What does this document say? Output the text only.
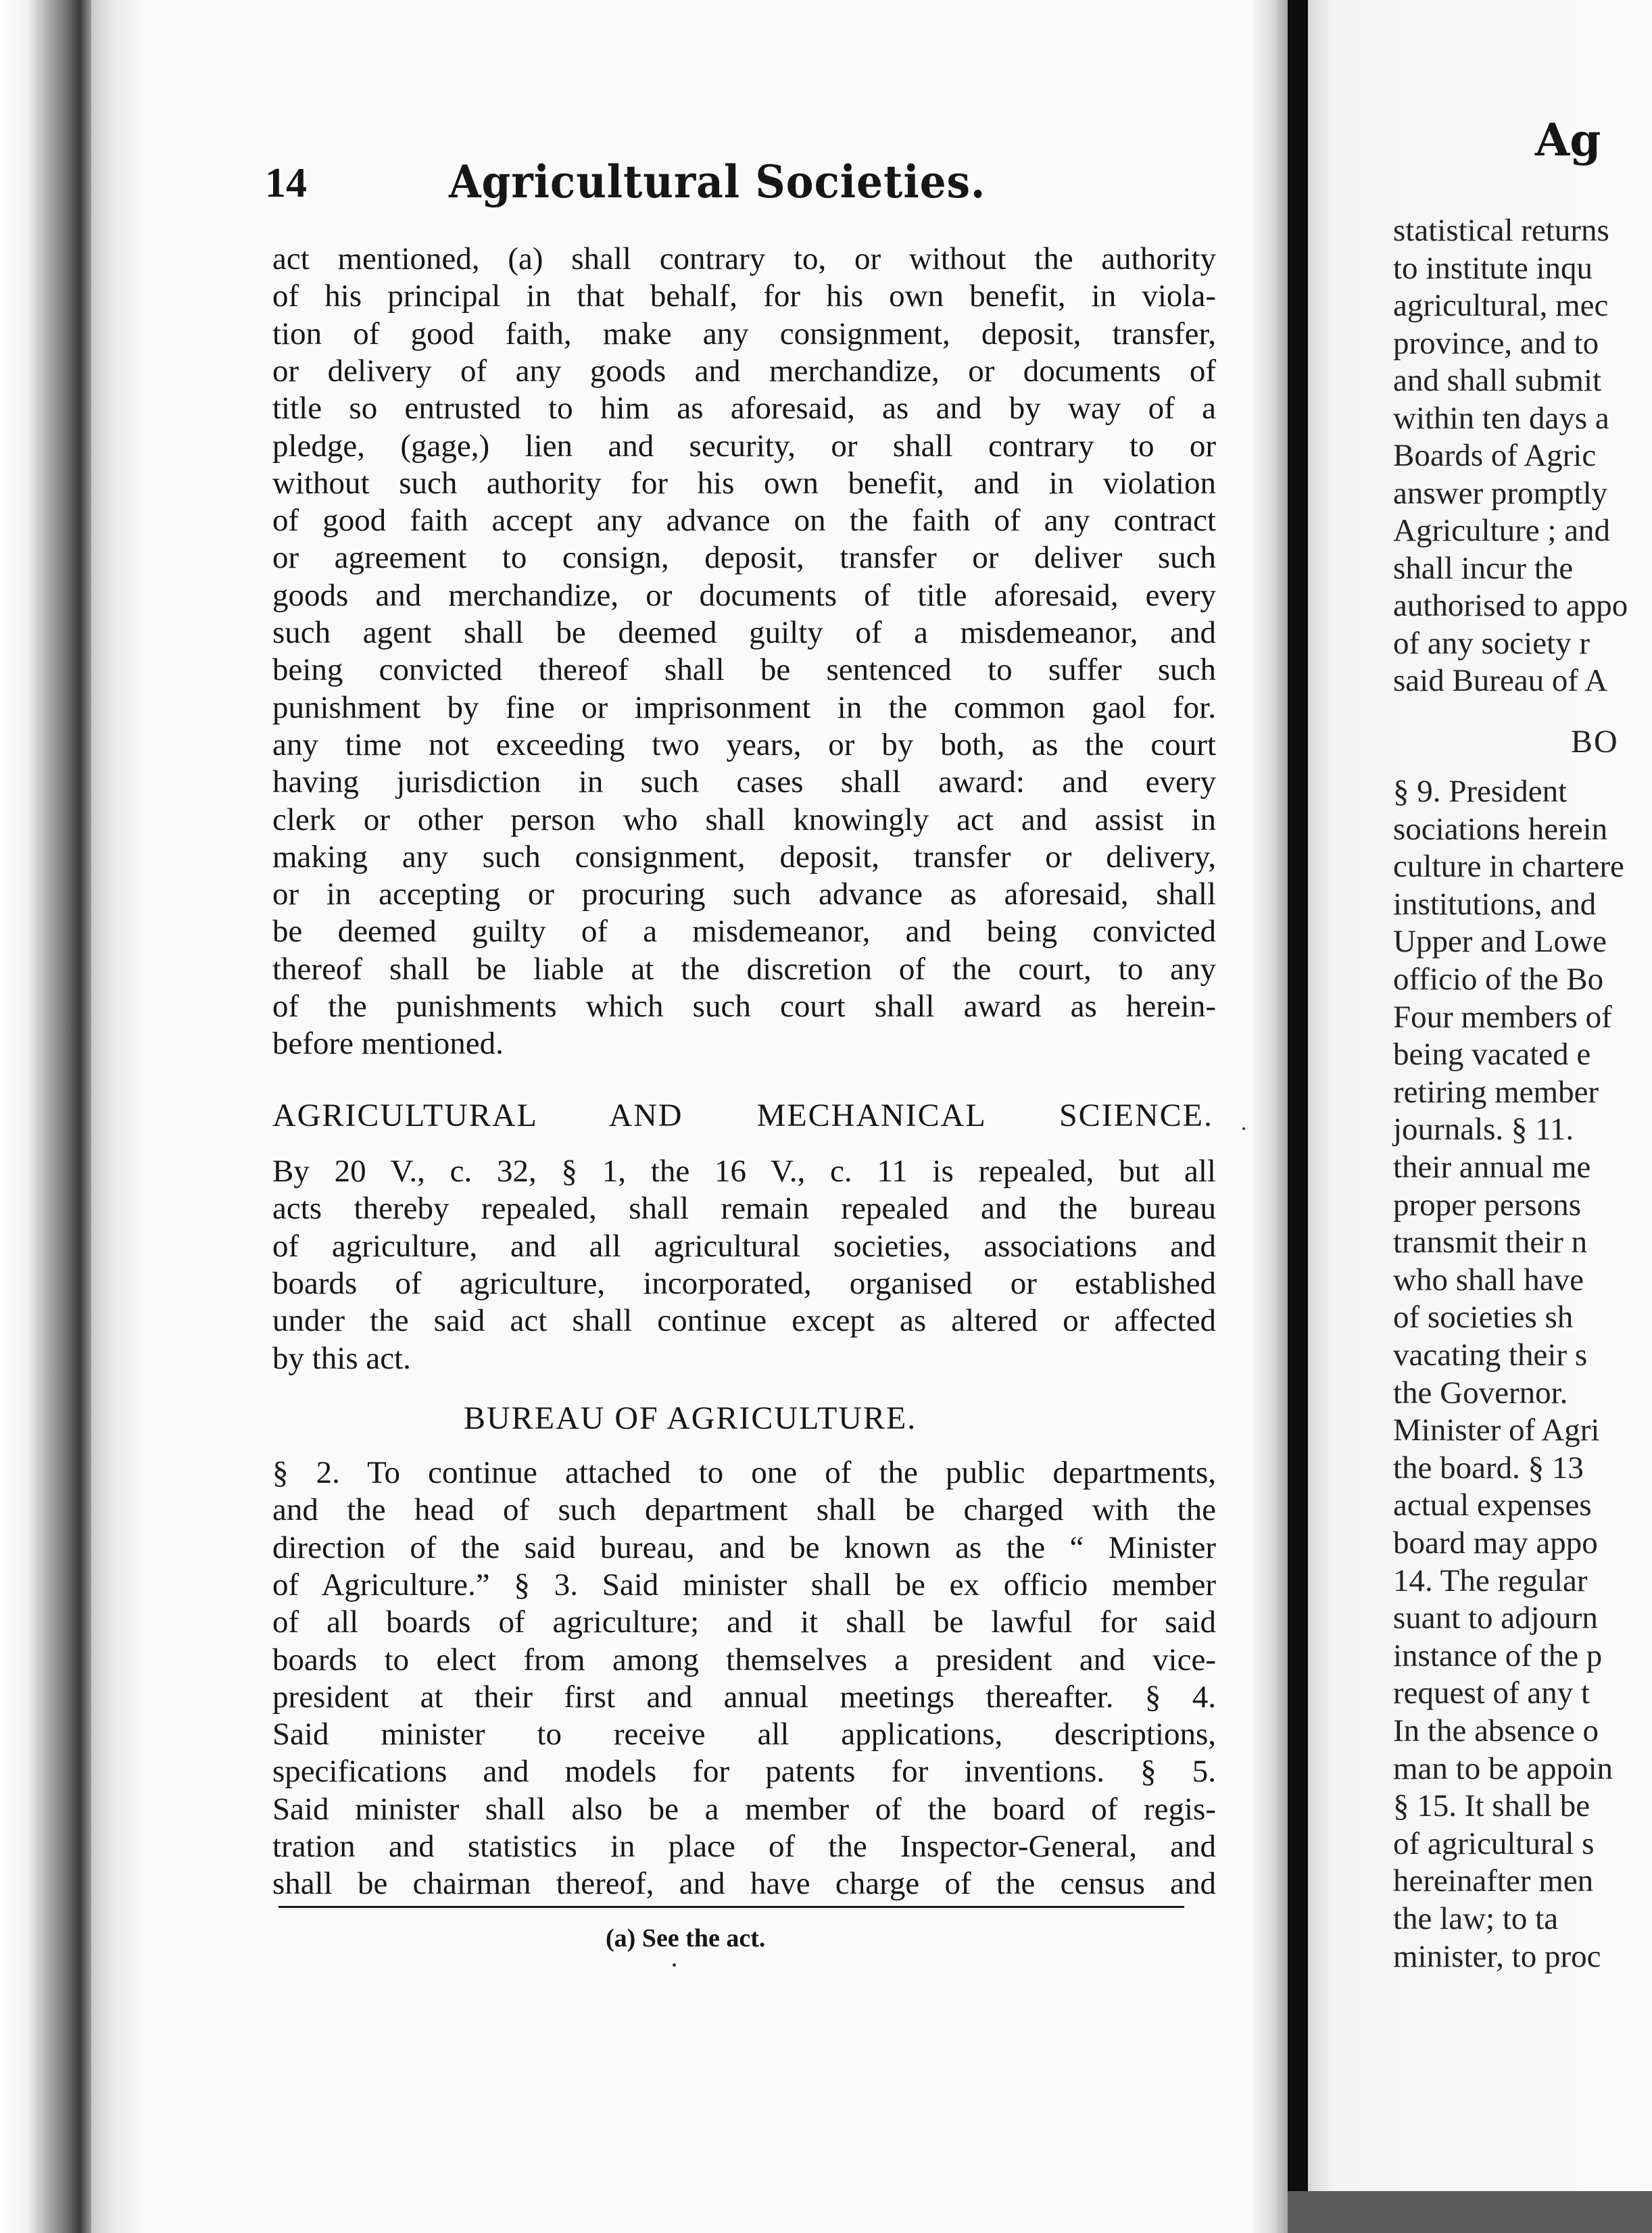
statistical returns
to institute inqu
agricultural, mec
province, and to
and shall submit
within ten days a
Boards of Agric
answer promptly
Agriculture ; and
shall incur the
authorised to appo
of any society r
said Bureau of A
BO
§ 9. President
sociations herein
culture in chartere
institutions, and
Upper and Lowe
officio of the Bo
Four members of
being vacated e
retiring member
journals. § 11.
their annual me
proper persons
transmit their n
who shall have
of societies sh
vacating their s
the Governor.
Minister of Agri
the board. § 13
actual expenses
board may appo
14. The regular
suant to adjourn
instance of the p
request of any t
In the absence o
man to be appoin
§ 15. It shall be
of agricultural s
hereinafter men
the law; to ta
minister, to proc
Ag
14	Agricultural Societies.
act mentioned, (a) shall contrary to, or without the authority
of his principal in that behalf, for his own benefit, in viola-
tion of good faith, make any consignment, deposit, transfer,
or delivery of any goods and merchandize, or documents of
title so entrusted to him as aforesaid, as and by way of a
pledge, (gage,) lien and security, or shall contrary to or
without such authority for his own benefit, and in violation
of good faith accept any advance on the faith of any contract
or agreement to consign, deposit, transfer or deliver such
goods and merchandize, or documents of title aforesaid, every
such agent shall be deemed guilty of a misdemeanor, and
being convicted thereof shall be sentenced to suffer such
punishment by fine or imprisonment in the common gaol for.
any time not exceeding two years, or by both, as the court
having jurisdiction in such cases shall award: and every
clerk or other person who shall knowingly act and assist in
making any such consignment, deposit, transfer or delivery,
or in accepting or procuring such advance as aforesaid, shall
be deemed guilty of a misdemeanor, and being convicted
thereof shall be liable at the discretion of the court, to any
of the punishments which such court shall award as herein-
before mentioned.
AGRICULTURAL AND MECHANICAL SCIENCE.
By 20 V., c. 32, § 1, the 16 V., c. 11 is repealed, but all
acts thereby repealed, shall remain repealed and the bureau
of agriculture, and all agricultural societies, associations and
boards of agriculture, incorporated, organised or established
under the said act shall continue except as altered or affected
by this act.
BUREAU OF AGRICULTURE.
§ 2. To continue attached to one of the public departments,
and the head of such department shall be charged with the
direction of the said bureau, and be known as the “ Minister
of Agriculture.” § 3. Said minister shall be ex officio member
of all boards of agriculture; and it shall be lawful for said
boards to elect from among themselves a president and vice-
president at their first and annual meetings thereafter. § 4.
Said minister to receive all applications, descriptions,
specifications and models for patents for inventions. § 5.
Said minister shall also be a member of the board of regis-
tration and statistics in place of the Inspector-General, and
shall be chairman thereof, and have charge of the census and
(a) See the act.
